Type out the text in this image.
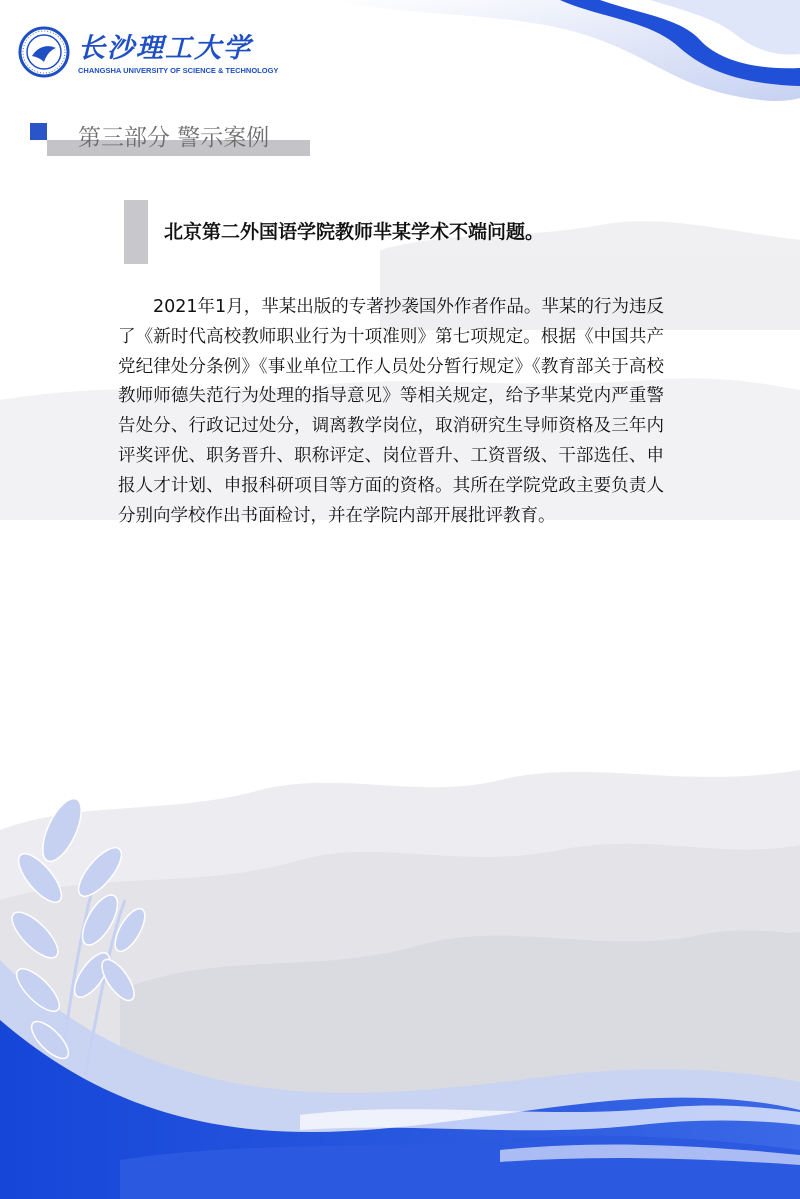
长沙理工大学
CHANGSHA UNIVERSITY OF SCIENCE & TECHNOLOGY
第三部分 警示案例
北京第二外国语学院教师芈某学术不端问题。

2021年1月，芈某出版的专著抄袭国外作者作品。芈某的行为违反了《新时代高校教师职业行为十项准则》第七项规定。根据《中国共产党纪律处分条例》《事业单位工作人员处分暂行规定》《教育部关于高校教师师德失范行为处理的指导意见》等相关规定，给予芈某党内严重警告处分、行政记过处分，调离教学岗位，取消研究生导师资格及三年内评奖评优、职务晋升、职称评定、岗位晋升、工资晋级、干部选任、申报人才计划、申报科研项目等方面的资格。其所在学院党政主要负责人分别向学校作出书面检讨，并在学院内部开展批评教育。
